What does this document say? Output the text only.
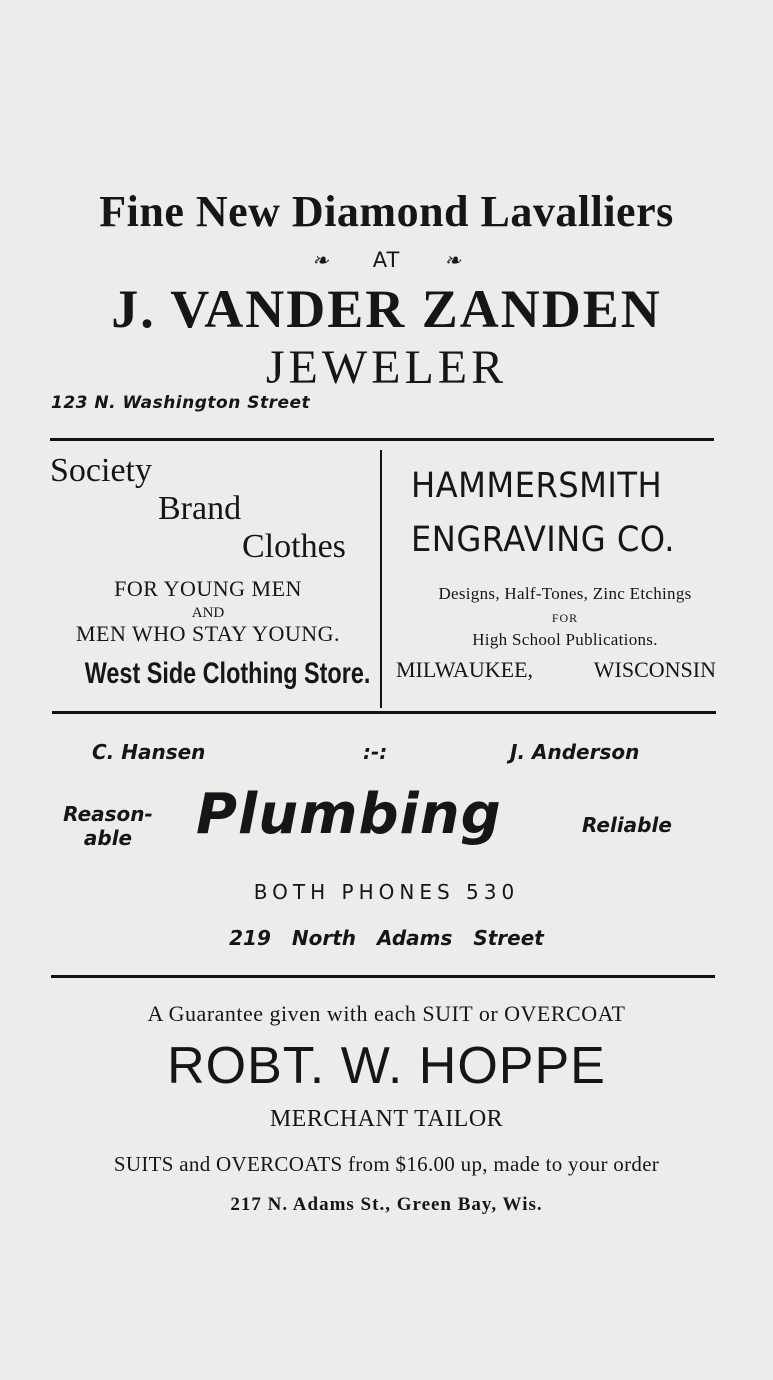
Fine New Diamond Lavalliers
❧ AT ❧
J. VANDER ZANDEN
JEWELER
123 N. Washington Street
Society
Brand
Clothes
FOR YOUNG MEN
AND
MEN WHO STAY YOUNG.
West Side Clothing Store.
HAMMERSMITH
ENGRAVING CO.
Designs, Half-Tones, Zinc Etchings
FOR
High School Publications.
MILWAUKEE,	WISCONSIN
C. Hansen	:-:	J. Anderson
Reason-able	Plumbing	Reliable
BOTH PHONES 530
219 North Adams Street
A Guarantee given with each SUIT or OVERCOAT
ROBT. W. HOPPE
MERCHANT TAILOR
SUITS and OVERCOATS from $16.00 up, made to your order
217 N. Adams St., Green Bay, Wis.
